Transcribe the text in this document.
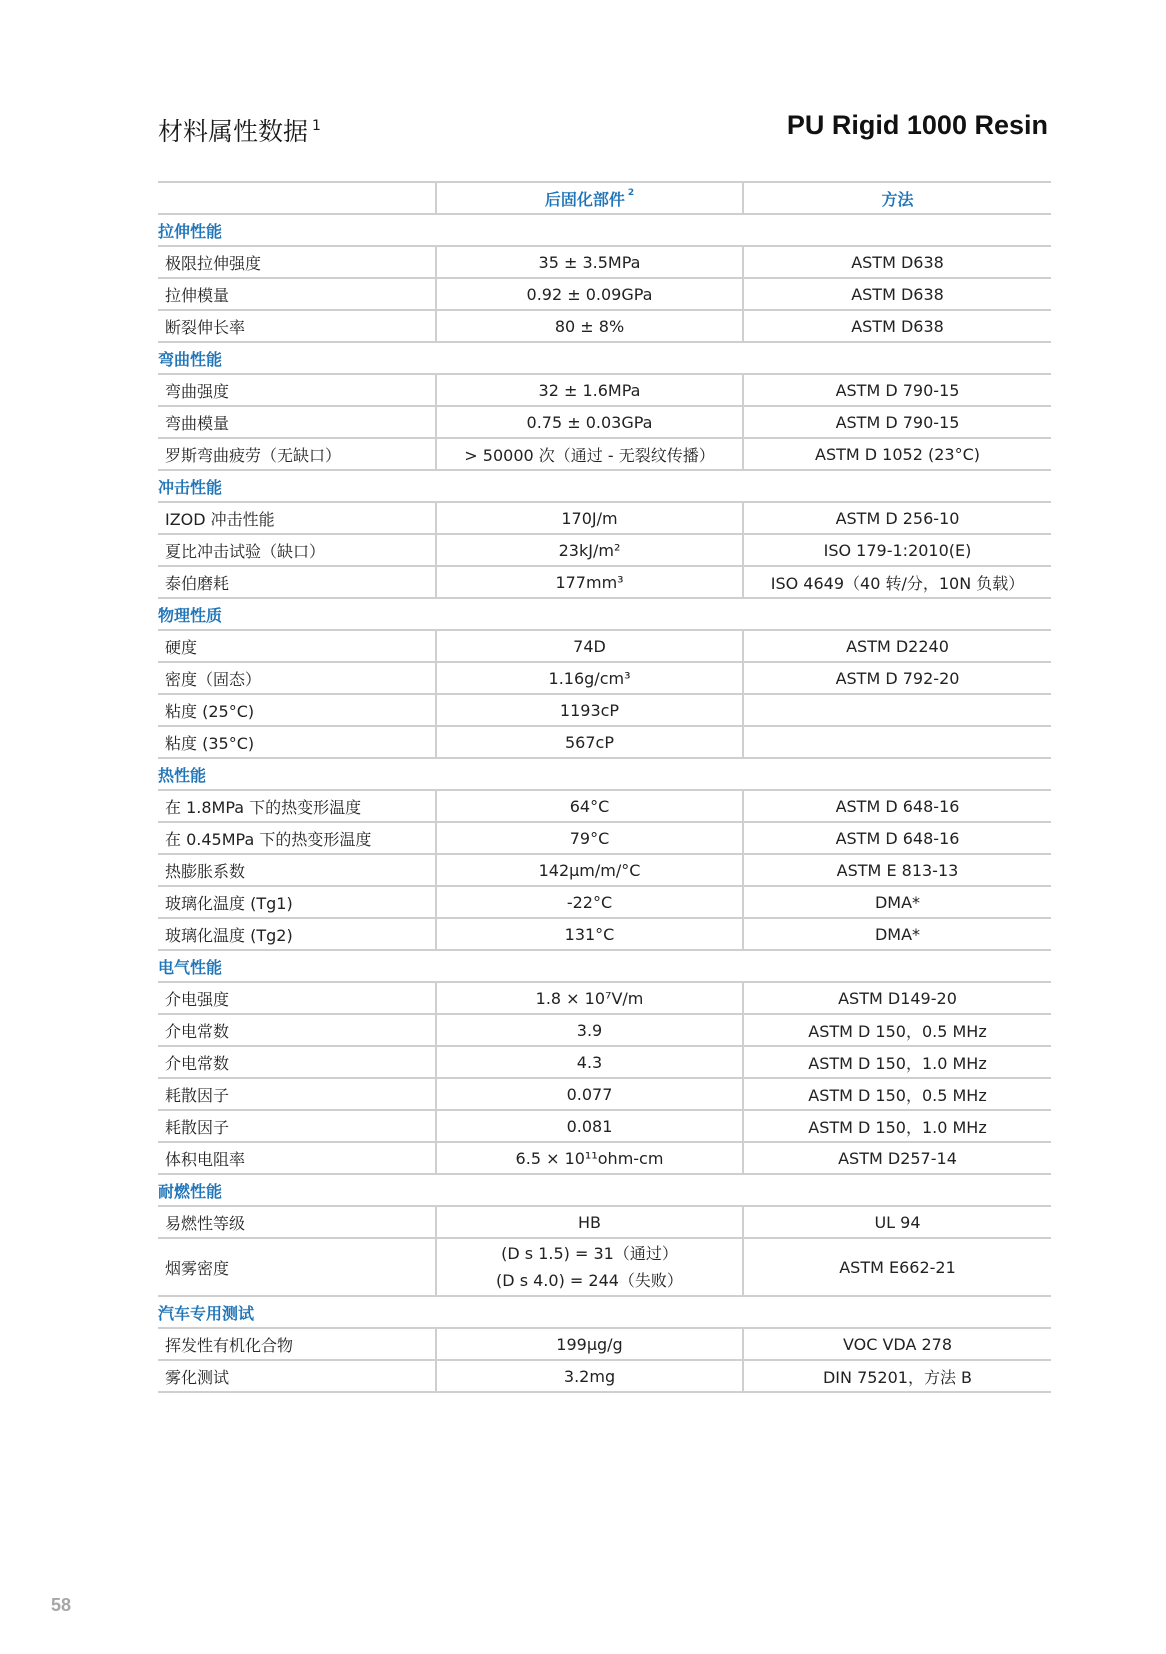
材料属性数据 $^1$	PU Rigid 1000 Resin
	后固化部件 $^2$	方法
拉伸性能		
极限拉伸强度	35 ± 3.5MPa	ASTM D638
拉伸模量	0.92 ± 0.09GPa	ASTM D638
断裂伸长率	80 ± 8%	ASTM D638
弯曲性能		
弯曲强度	32 ± 1.6MPa	ASTM D 790-15
弯曲模量	0.75 ± 0.03GPa	ASTM D 790-15
罗斯弯曲疲劳（无缺口）	> 50000 次（通过 - 无裂纹传播）	ASTM D 1052 (23°C)
冲击性能		
IZOD 冲击性能	170J/m	ASTM D 256-10
夏比冲击试验（缺口）	23kJ/m²	ISO 179-1:2010(E)
泰伯磨耗	177mm³	ISO 4649（40 转/分，10N 负载）
物理性质		
硬度	74D	ASTM D2240
密度（固态）	1.16g/cm³	ASTM D 792-20
粘度 (25°C)	1193cP	
粘度 (35°C)	567cP	
热性能		
在 1.8MPa 下的热变形温度	64°C	ASTM D 648-16
在 0.45MPa 下的热变形温度	79°C	ASTM D 648-16
热膨胀系数	142μm/m/°C	ASTM E 813-13
玻璃化温度 (Tg1)	-22°C	DMA*
玻璃化温度 (Tg2)	131°C	DMA*
电气性能		
介电强度	1.8 × 10⁷V/m	ASTM D149-20
介电常数	3.9	ASTM D 150，0.5 MHz
介电常数	4.3	ASTM D 150，1.0 MHz
耗散因子	0.077	ASTM D 150，0.5 MHz
耗散因子	0.081	ASTM D 150，1.0 MHz
体积电阻率	6.5 × 10¹¹ohm-cm	ASTM D257-14
耐燃性能		
易燃性等级	HB	UL 94
烟雾密度	(D s 1.5) = 31（通过）
(D s 4.0) = 244（失败）	ASTM E662-21
汽车专用测试		
挥发性有机化合物	199μg/g	VOC VDA 278
雾化测试	3.2mg	DIN 75201，方法 B
58
